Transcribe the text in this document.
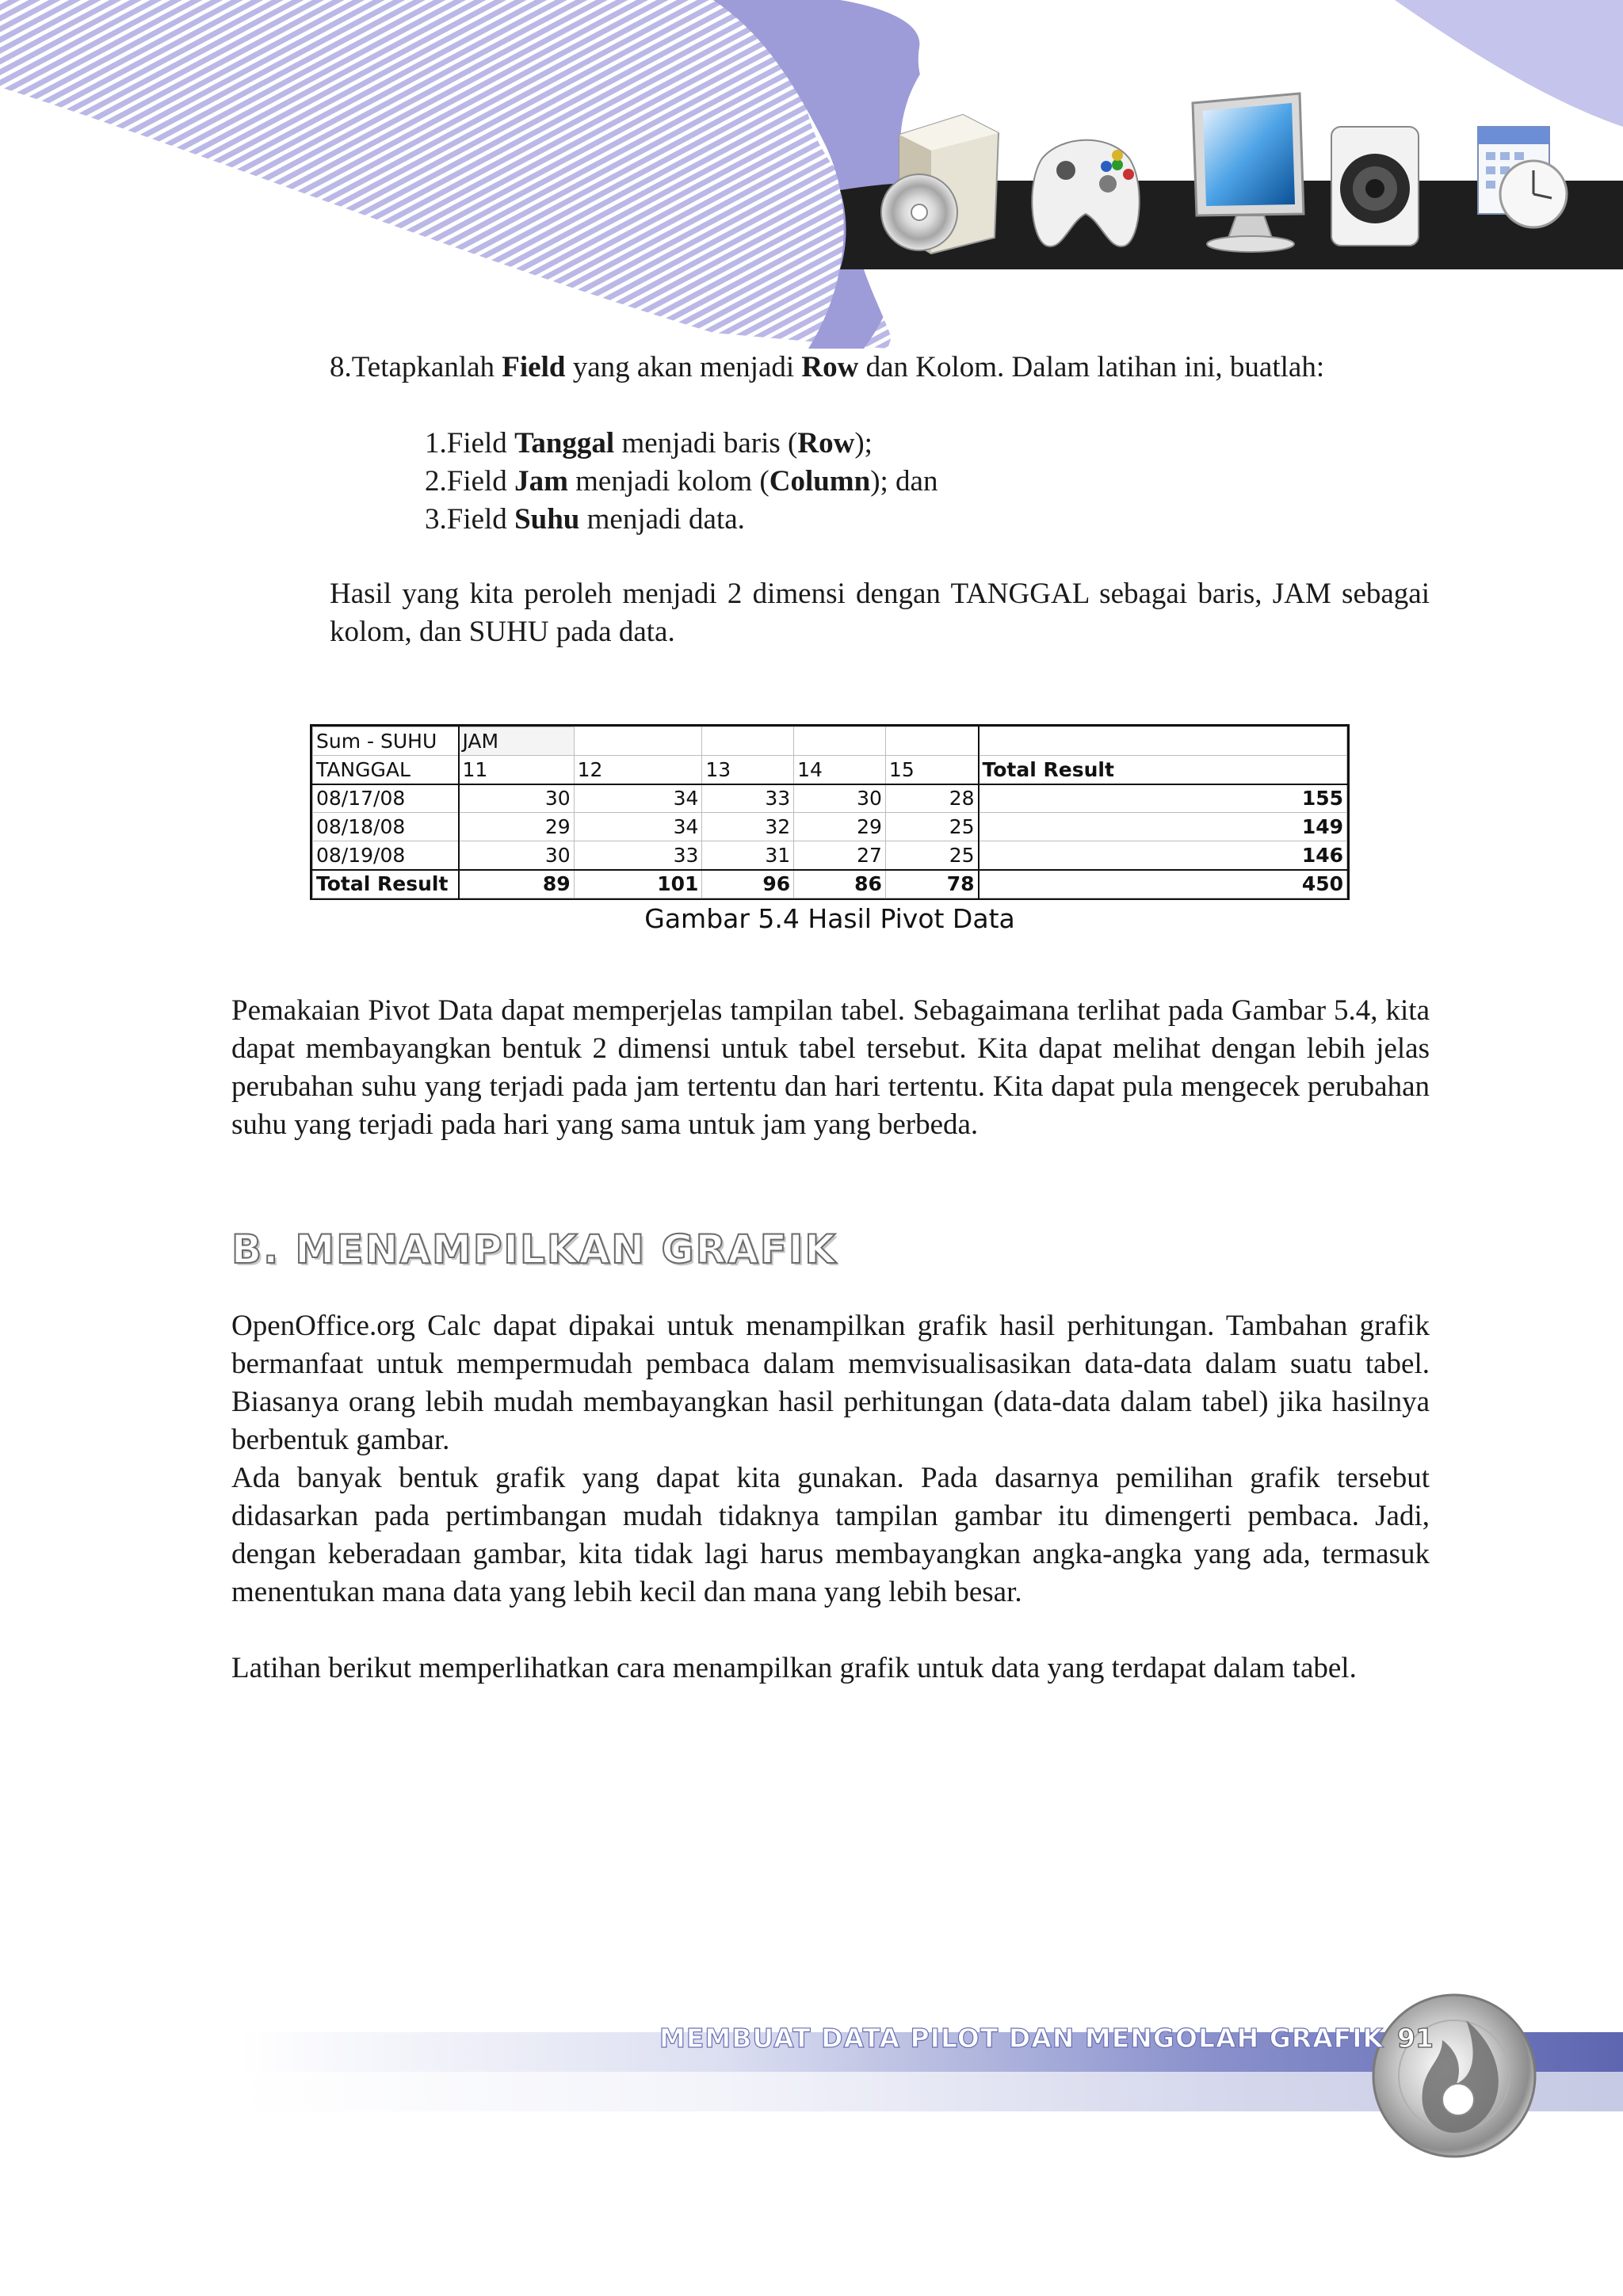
8.Tetapkanlah Field yang akan menjadi Row dan Kolom. Dalam latihan ini, buatlah:
1.Field Tanggal menjadi baris (Row);
2.Field Jam menjadi kolom (Column); dan
3.Field Suhu menjadi data.
Hasil yang kita peroleh menjadi 2 dimensi dengan TANGGAL sebagai baris, JAM sebagai kolom, dan SUHU pada data.
Sum - SUHU	JAM					
TANGGAL	11	12	13	14	15	Total Result
08/17/08	30	34	33	30	28	155
08/18/08	29	34	32	29	25	149
08/19/08	30	33	31	27	25	146
Total Result	89	101	96	86	78	450
Gambar 5.4 Hasil Pivot Data
Pemakaian Pivot Data dapat memperjelas tampilan tabel. Sebagaimana terlihat pada Gambar 5.4, kita dapat membayangkan bentuk 2 dimensi untuk tabel tersebut. Kita dapat melihat dengan lebih jelas perubahan suhu yang terjadi pada jam tertentu dan hari tertentu. Kita dapat pula mengecek perubahan suhu yang terjadi pada hari yang sama untuk jam yang berbeda.
B. MENAMPILKAN GRAFIK
OpenOffice.org Calc dapat dipakai untuk menampilkan grafik hasil perhitungan. Tambahan grafik bermanfaat untuk mempermudah pembaca dalam memvisualisasikan data-data dalam suatu tabel. Biasanya orang lebih mudah membayangkan hasil perhitungan (data-data dalam tabel) jika hasilnya berbentuk gambar.
Ada banyak bentuk grafik yang dapat kita gunakan. Pada dasarnya pemilihan grafik tersebut didasarkan pada pertimbangan mudah tidaknya tampilan gambar itu dimengerti pembaca. Jadi, dengan keberadaan gambar, kita tidak lagi harus membayangkan angka-angka yang ada, termasuk menentukan mana data yang lebih kecil dan mana yang lebih besar.
Latihan berikut memperlihatkan cara menampilkan grafik untuk data yang terdapat dalam tabel.
MEMBUAT DATA PILOT DAN MENGOLAH GRAFIK 91
